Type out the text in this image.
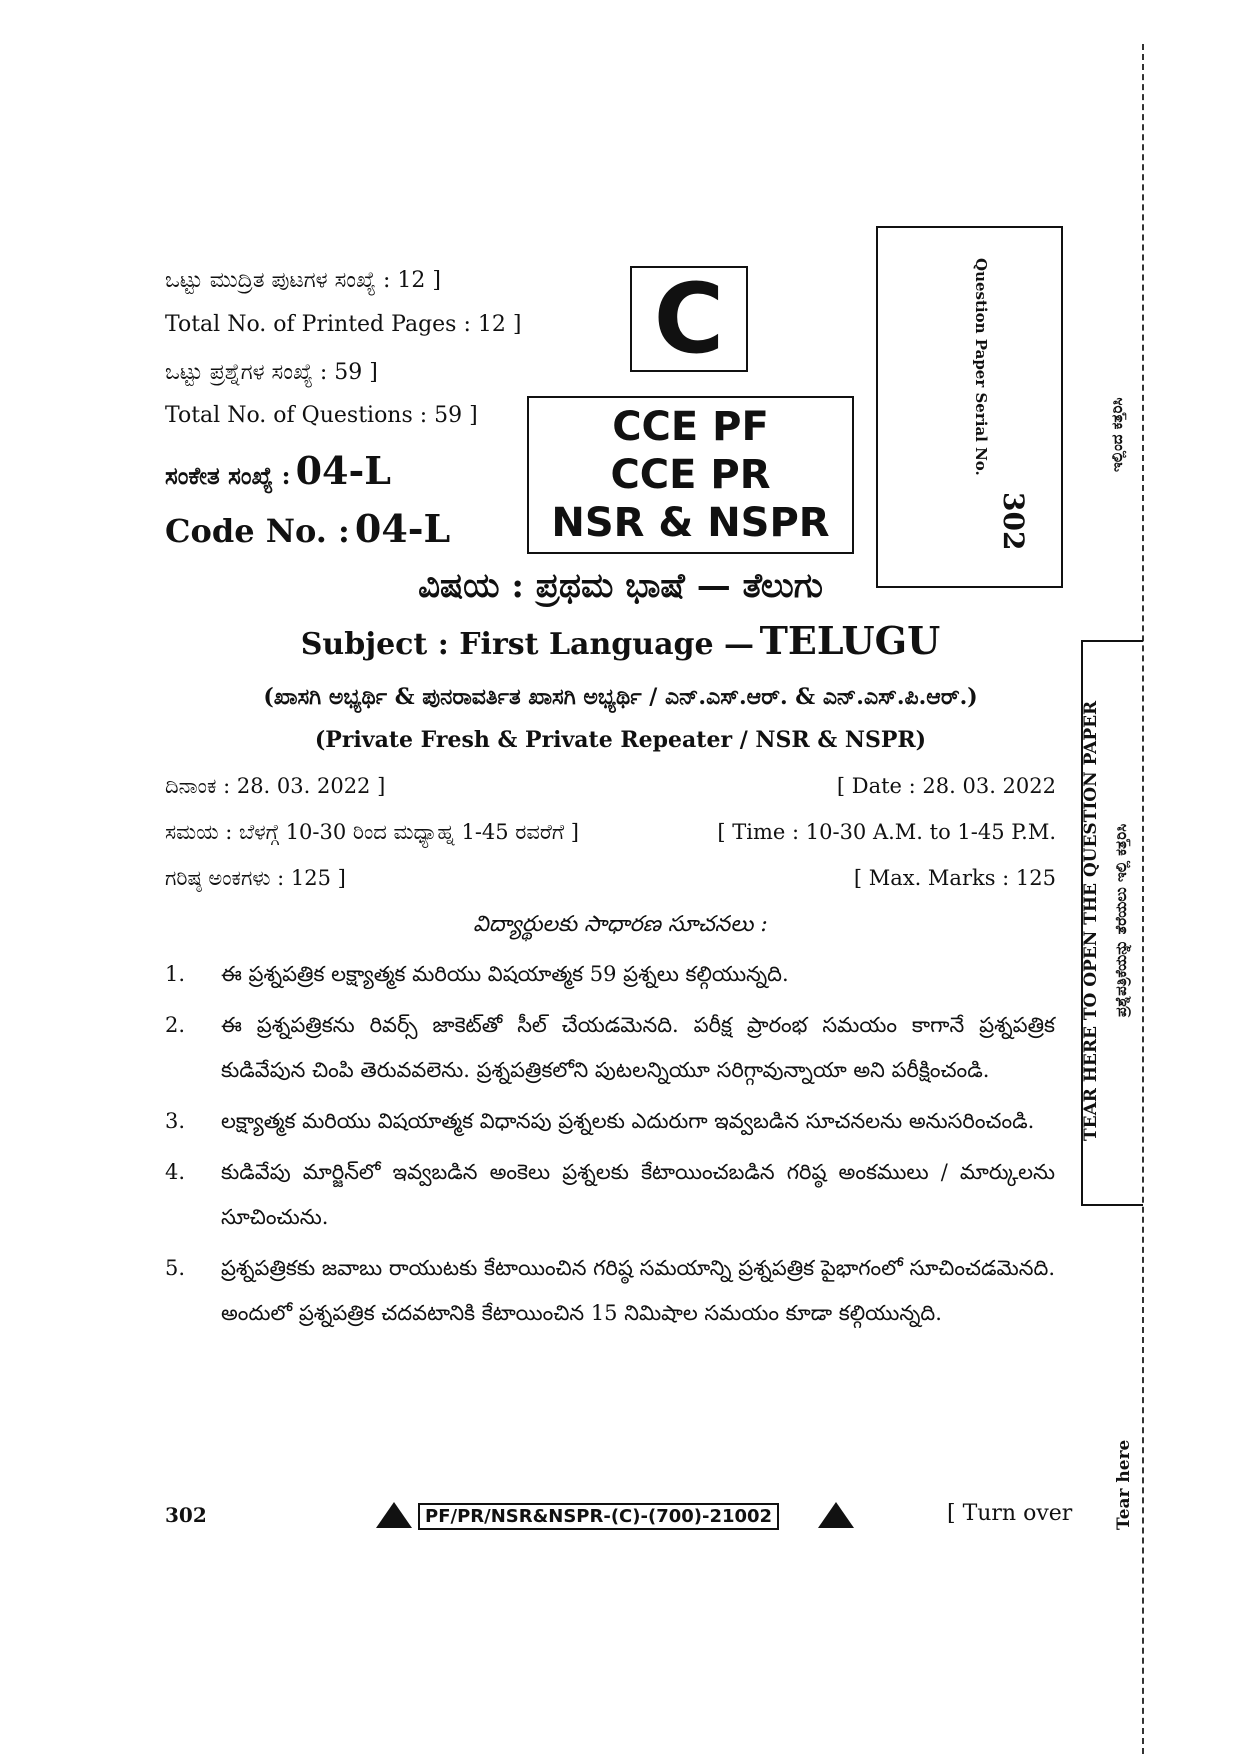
ಒಟ್ಟು ಮುದ್ರಿತ ಪುಟಗಳ ಸಂಖ್ಯೆ : 12 ]
Total No. of Printed Pages : 12 ]
ಒಟ್ಟು ಪ್ರಶ್ನೆಗಳ ಸಂಖ್ಯೆ : 59 ]
Total No. of Questions : 59 ]
ಸಂಕೇತ ಸಂಖ್ಯೆ : 04-L
Code No. : 04-L
C
CCE PF
CCE PR
NSR & NSPR
Question Paper Serial No.
302
ವಿಷಯ : ಪ್ರಥಮ ಭಾಷೆ — ತೆಲುಗು
Subject : First Language — TELUGU
(ಖಾಸಗಿ ಅಭ್ಯರ್ಥಿ & ಪುನರಾವರ್ತಿತ ಖಾಸಗಿ ಅಭ್ಯರ್ಥಿ / ಎನ್.ಎಸ್.ಆರ್. & ಎನ್.ಎಸ್.ಪಿ.ಆರ್.)
(Private Fresh & Private Repeater / NSR & NSPR)
ದಿನಾಂಕ : 28. 03. 2022 ]	[ Date : 28. 03. 2022
ಸಮಯ : ಬೆಳಗ್ಗೆ 10-30 ರಿಂದ ಮಧ್ಯಾಹ್ನ 1-45 ರವರೆಗೆ ]	[ Time : 10-30 A.M. to 1-45 P.M.
ಗರಿಷ್ಠ ಅಂಕಗಳು : 125 ]	[ Max. Marks : 125
విద్యార్థులకు సాధారణ సూచనలు :
1.	ఈ ప్రశ్నపత్రిక లక్ష్యాత్మక మరియు విషయాత్మక 59 ప్రశ్నలు కల్గియున్నది.
2.	ఈ ప్రశ్నపత్రికను రివర్స్ జాకెట్‌తో సీల్ చేయడమెనది. పరీక్ష ప్రారంభ సమయం కాగానే ప్రశ్నపత్రిక కుడివేపున చింపి తెరువవలెను. ప్రశ్నపత్రికలోని పుటలన్నియూ సరిగ్గావున్నాయా అని పరీక్షించండి.
3.	లక్ష్యాత్మక మరియు విషయాత్మక విధానపు ప్రశ్నలకు ఎదురుగా ఇవ్వబడిన సూచనలను అనుసరించండి.
4.	కుడివేపు మార్జిన్‌లో ఇవ్వబడిన అంకెలు ప్రశ్నలకు కేటాయించబడిన గరిష్ఠ అంకములు / మార్కులను సూచించును.
5.	ప్రశ్నపత్రికకు జవాబు రాయుటకు కేటాయించిన గరిష్ఠ సమయాన్ని ప్రశ్నపత్రిక పైభాగంలో సూచించడమెనది. అందులో ప్రశ్నపత్రిక చదవటానికి కేటాయించిన 15 నిమిషాల సమయం కూడా కల్గియున్నది.
302	PF/PR/NSR&NSPR-(C)-(700)-21002	[ Turn over
ಇಲ್ಲಿಂದ ಕತ್ತರಿಸಿ
TEAR HERE TO OPEN THE QUESTION PAPER ಪ್ರಶ್ನೆಪತ್ರಿಕೆಯನ್ನು ತೆರೆಯಲು ಇಲ್ಲಿ ಕತ್ತರಿಸಿ
Tear here
